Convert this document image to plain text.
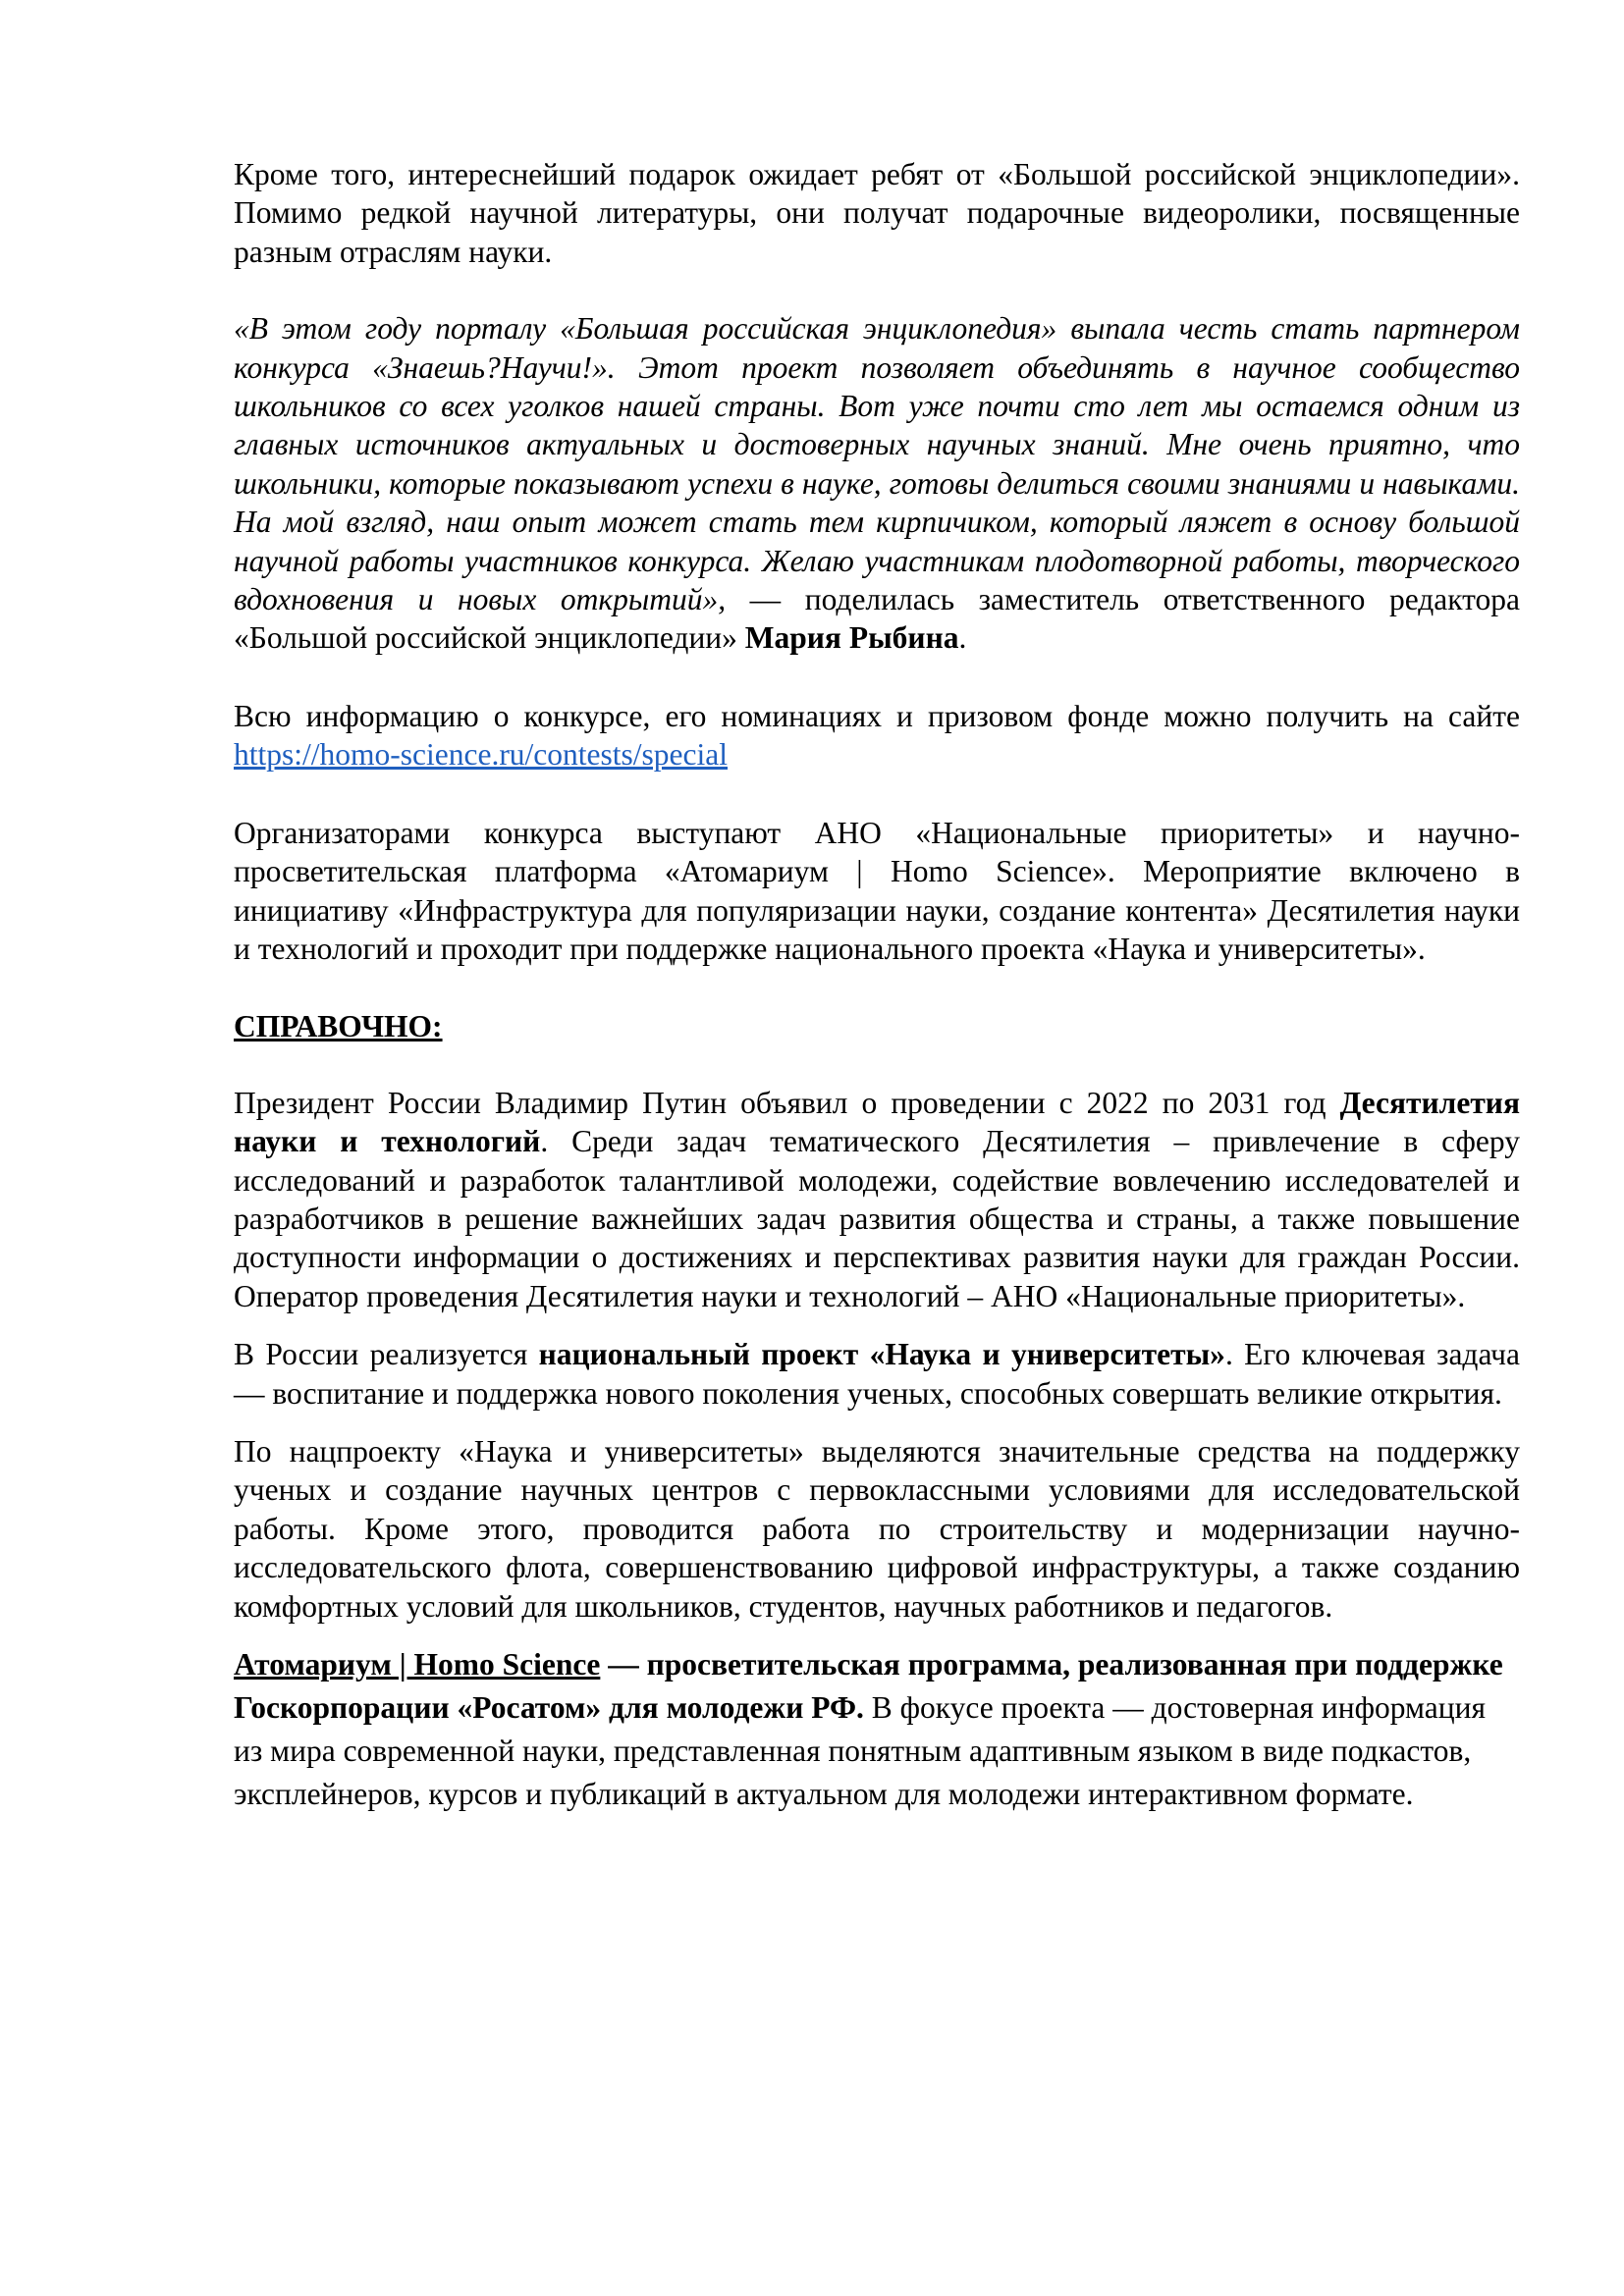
Кроме того, интереснейший подарок ожидает ребят от «Большой российской энциклопедии». Помимо редкой научной литературы, они получат подарочные видеоролики, посвященные разным отраслям науки.

«В этом году порталу «Большая российская энциклопедия» выпала честь стать партнером конкурса «Знаешь?Научи!». Этот проект позволяет объединять в научное сообщество школьников со всех уголков нашей страны. Вот уже почти сто лет мы остаемся одним из главных источников актуальных и достоверных научных знаний. Мне очень приятно, что школьники, которые показывают успехи в науке, готовы делиться своими знаниями и навыками. На мой взгляд, наш опыт может стать тем кирпичиком, который ляжет в основу большой научной работы участников конкурса. Желаю участникам плодотворной работы, творческого вдохновения и новых открытий», — поделилась заместитель ответственного редактора «Большой российской энциклопедии» Мария Рыбина.

Всю информацию о конкурсе, его номинациях и призовом фонде можно получить на сайте https://homo-science.ru/contests/special

Организаторами конкурса выступают АНО «Национальные приоритеты» и научно-просветительская платформа «Атомариум | Homo Science». Мероприятие включено в инициативу «Инфраструктура для популяризации науки, создание контента» Десятилетия науки и технологий и проходит при поддержке национального проекта «Наука и университеты».

СПРАВОЧНО:

Президент России Владимир Путин объявил о проведении с 2022 по 2031 год Десятилетия науки и технологий. Среди задач тематического Десятилетия – привлечение в сферу исследований и разработок талантливой молодежи, содействие вовлечению исследователей и разработчиков в решение важнейших задач развития общества и страны, а также повышение доступности информации о достижениях и перспективах развития науки для граждан России. Оператор проведения Десятилетия науки и технологий – АНО «Национальные приоритеты».

В России реализуется национальный проект «Наука и университеты». Его ключевая задача — воспитание и поддержка нового поколения ученых, способных совершать великие открытия.

По нацпроекту «Наука и университеты» выделяются значительные средства на поддержку ученых и создание научных центров с первоклассными условиями для исследовательской работы. Кроме этого, проводится работа по строительству и модернизации научно-исследовательского флота, совершенствованию цифровой инфраструктуры, а также созданию комфортных условий для школьников, студентов, научных работников и педагогов.

Атомариум | Homo Science — просветительская программа, реализованная при поддержке Госкорпорации «Росатом» для молодежи РФ. В фокусе проекта — достоверная информация из мира современной науки, представленная понятным адаптивным языком в виде подкастов, эксплейнеров, курсов и публикаций в актуальном для молодежи интерактивном формате.
